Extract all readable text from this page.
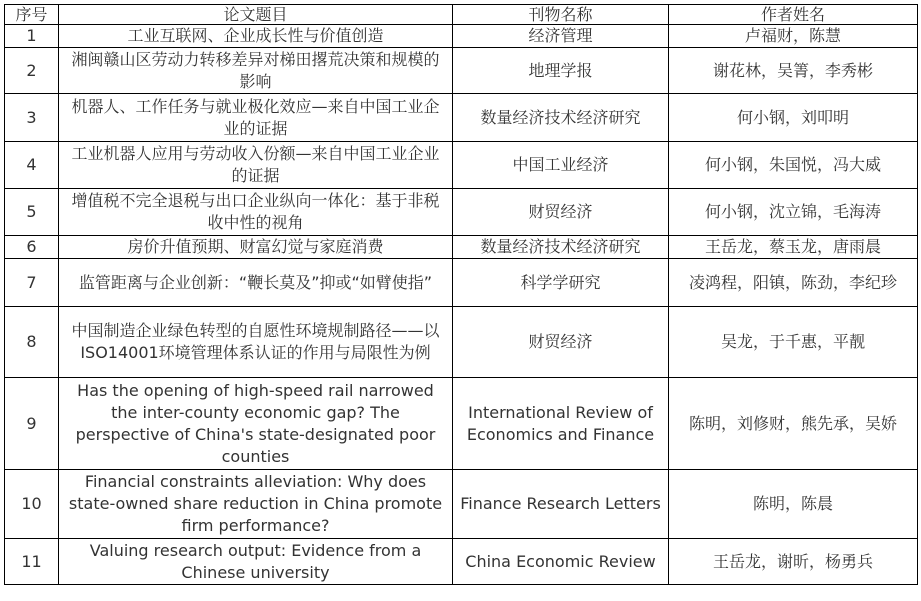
序号	论文题目	刊物名称	作者姓名
1	工业互联网、企业成长性与价值创造	经济管理	卢福财，陈慧
2	湘闽赣山区劳动力转移差异对梯田撂荒决策和规模的影响	地理学报	谢花林，吴箐，李秀彬
3	机器人、工作任务与就业极化效应—来自中国工业企业的证据	数量经济技术经济研究	何小钢，刘叩明
4	工业机器人应用与劳动收入份额—来自中国工业企业的证据	中国工业经济	何小钢，朱国悦，冯大威
5	增值税不完全退税与出口企业纵向一体化：基于非税收中性的视角	财贸经济	何小钢，沈立锦，毛海涛
6	房价升值预期、财富幻觉与家庭消费	数量经济技术经济研究	王岳龙，蔡玉龙，唐雨晨
7	监管距离与企业创新：“鞭长莫及”抑或“如臂使指”	科学学研究	凌鸿程，阳镇，陈劲，李纪珍
8	中国制造企业绿色转型的自愿性环境规制路径——以ISO14001环境管理体系认证的作用与局限性为例	财贸经济	吴龙，于千惠，平靓
9	Has the opening of high-speed rail narrowed the inter-county economic gap? The perspective of China's state-designated poor counties	International Review of Economics and Finance	陈明，刘修财，熊先承，吴娇
10	Financial constraints alleviation: Why does state-owned share reduction in China promote firm performance?	Finance Research Letters	陈明，陈晨
11	Valuing research output: Evidence from a Chinese university	China Economic Review	王岳龙，谢昕，杨勇兵
